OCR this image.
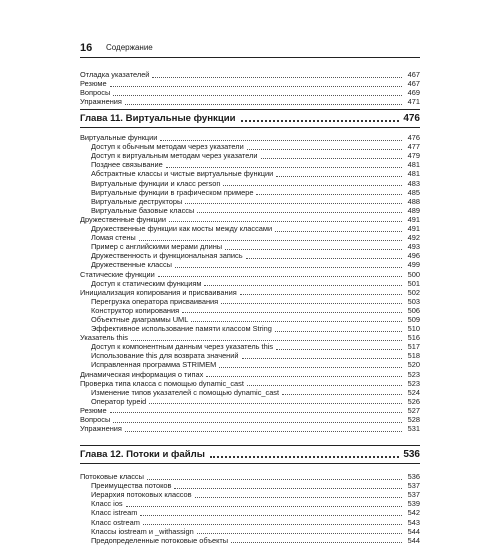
16 Содержание
Отладка указателей	467
Резюме	467
Вопросы	469
Упражнения	471
Глава 11. Виртуальные функции	476
Виртуальные функции	476
Доступ к обычным методам через указатели	477
Доступ к виртуальным методам через указатели	479
Позднее связывание	481
Абстрактные классы и чистые виртуальные функции	481
Виртуальные функции и класс person	483
Виртуальные функции в графическом примере	485
Виртуальные деструкторы	488
Виртуальные базовые классы	489
Дружественные функции	491
Дружественные функции как мосты между классами	491
Ломая стены	492
Пример с английскими мерами длины	493
Дружественность и функциональная запись	496
Дружественные классы	499
Статические функции	500
Доступ к статическим функциям	501
Инициализация копирования и присваивания	502
Перегрузка оператора присваивания	503
Конструктор копирования	506
Объектные диаграммы UML	509
Эффективное использование памяти классом String	510
Указатель this	516
Доступ к компонентным данным через указатель this	517
Использование this для возврата значений	518
Исправленная программа STRIMEM	520
Динамическая информация о типах	523
Проверка типа класса с помощью dynamic_cast	523
Изменение типов указателей с помощью dynamic_cast	524
Оператор typeid	526
Резюме	527
Вопросы	528
Упражнения	531
Глава 12. Потоки и файлы	536
Потоковые классы	536
Преимущества потоков	537
Иерархия потоковых классов	537
Класс ios	539
Класс istream	542
Класс ostream	543
Классы iostream и _withassign	544
Предопределенные потоковые объекты	544
